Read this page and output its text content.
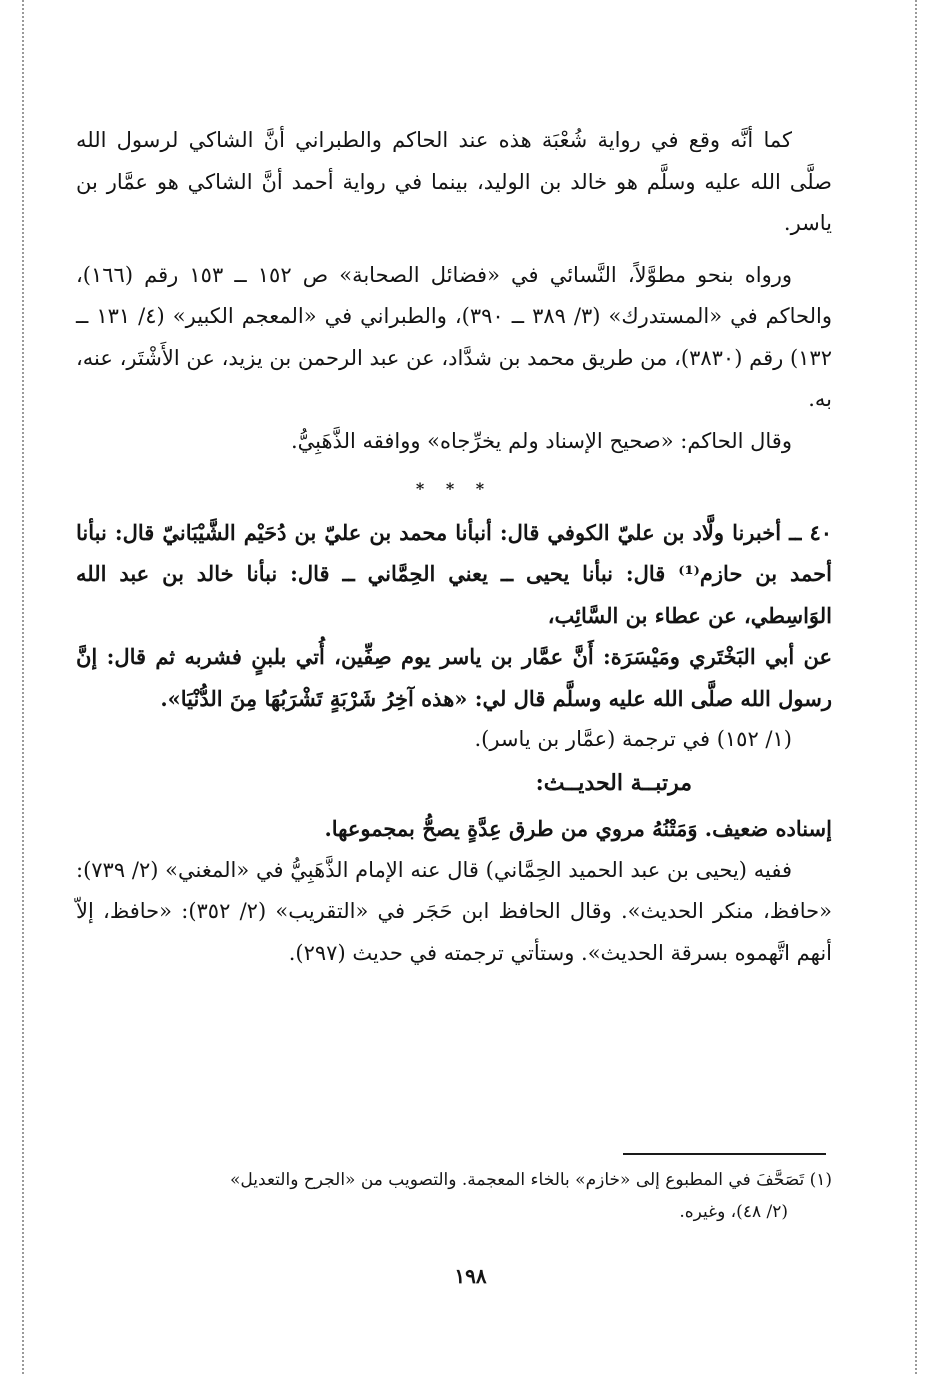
كما أنَّه وقع في رواية شُعْبَة هذه عند الحاكم والطبراني أنَّ الشاكي لرسول الله صلَّى الله عليه وسلَّم هو خالد بن الوليد، بينما في رواية أحمد أنَّ الشاكي هو عمَّار بن ياسر.

ورواه بنحو مطوَّلاً، النَّسائي في «فضائل الصحابة» ص ١٥٢ ــ ١٥٣ رقم (١٦٦)، والحاكم في «المستدرك» (٣/ ٣٨٩ ــ ٣٩٠)، والطبراني في «المعجم الكبير» (٤/ ١٣١ ــ ١٣٢) رقم (٣٨٣٠)، من طريق محمد بن شدَّاد، عن عبد الرحمن بن يزيد، عن الأَشْتَر، عنه، به.

وقال الحاكم: «صحيح الإسناد ولم يخرِّجاه» ووافقه الذَّهَبِيُّ.

* * *

٤٠ ــ أخبرنا ولَّاد بن عليّ الكوفي قال: أنبأنا محمد بن عليّ بن دُحَيْم الشَّيْبَانيّ قال: نبأنا أحمد بن حازم⁽¹⁾ قال: نبأنا يحيى ــ يعني الحِمَّاني ــ قال: نبأنا خالد بن عبد الله الوَاسِطي، عن عطاء بن السَّائِب،

عن أبي البَخْتَري ومَيْسَرَة: أَنَّ عمَّار بن ياسر يوم صِفِّين، أُتي بلبنٍ فشربه ثم قال: إنَّ رسول الله صلَّى الله عليه وسلَّم قال لي: «هذه آخِرُ شَرْبَةٍ تَشْرَبُهَا مِنَ الدُّنْيَا».

(١/ ١٥٢) في ترجمة (عمَّار بن ياسر).

مرتبــة الحديــث:

إسناده ضعيف. وَمَتْنُهُ مروي من طرق عِدَّةٍ يصحُّ بمجموعها.

ففيه (يحيى بن عبد الحميد الحِمَّاني) قال عنه الإمام الذَّهَبِيُّ في «المغني» (٢/ ٧٣٩): «حافظ، منكر الحديث». وقال الحافظ ابن حَجَر في «التقريب» (٢/ ٣٥٢): «حافظ، إلاّ أنهم اتَّهموه بسرقة الحديث». وستأتي ترجمته في حديث (٢٩٧).

(١) تَصَحَّفَ في المطبوع إلى «خازم» بالخاء المعجمة. والتصويب من «الجرح والتعديل»

(٢/ ٤٨)، وغيره.

١٩٨
